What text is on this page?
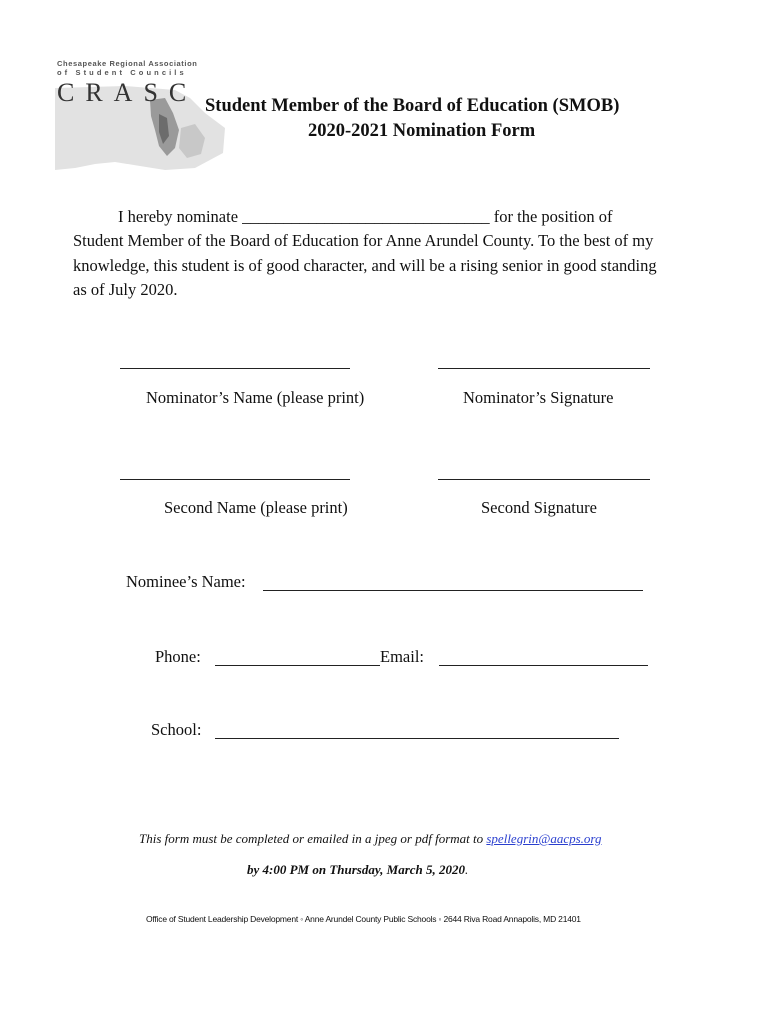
Chesapeake Regional Association
of Student Councils
CRASC Student Member of the Board of Education (SMOB)
2020-2021 Nomination Form
I hereby nominate ______________________________ for the position of
Student Member of the Board of Education for Anne Arundel County. To the best of my
knowledge, this student is of good character, and will be a rising senior in good standing
as of July 2020.
Nominator’s Name (please print)	Nominator’s Signature
Second Name (please print)	Second Signature
Nominee’s Name:
Phone:	Email:
School:
This form must be completed or emailed in a jpeg or pdf format to spellegrin@aacps.org
by 4:00 PM on Thursday, March 5, 2020.
Office of Student Leadership Development ◦ Anne Arundel County Public Schools ◦ 2644 Riva Road Annapolis, MD 21401
